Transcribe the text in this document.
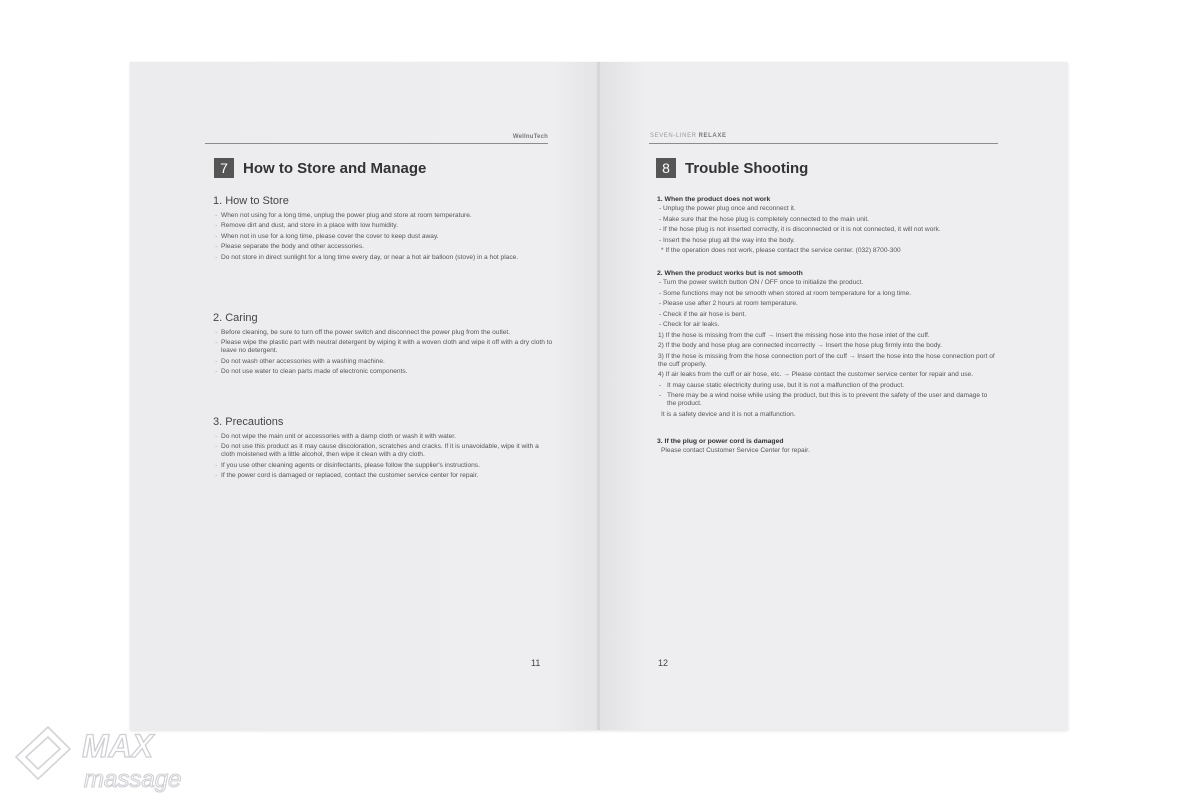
WellnuTech
7	How to Store and Manage
1. How to Store
· When not using for a long time, unplug the power plug and store at room temperature.
· Remove dirt and dust, and store in a place with low humidity.
· When not in use for a long time, please cover the cover to keep dust away.
· Please separate the body and other accessories.
· Do not store in direct sunlight for a long time every day, or near a hot air balloon (stove) in a hot place.
2. Caring
· Before cleaning, be sure to turn off the power switch and disconnect the power plug from the outlet.
· Please wipe the plastic part with neutral detergent by wiping it with a woven cloth and wipe it off with a dry cloth to leave no detergent.
· Do not wash other accessories with a washing machine.
· Do not use water to clean parts made of electronic components.
3. Precautions
· Do not wipe the main unit or accessories with a damp cloth or wash it with water.
· Do not use this product as it may cause discoloration, scratches and cracks. If it is unavoidable, wipe it with a cloth moistened with a little alcohol, then wipe it clean with a dry cloth.
· If you use other cleaning agents or disinfectants, please follow the supplier's instructions.
· If the power cord is damaged or replaced, contact the customer service center for repair.
11
SEVEN-LINER RELAXE
8	Trouble Shooting
1. When the product does not work
- Unplug the power plug once and reconnect it.
- Make sure that the hose plug is completely connected to the main unit.
- If the hose plug is not inserted correctly, it is disconnected or it is not connected, it will not work.
- Insert the hose plug all the way into the body.
* If the operation does not work, please contact the service center. (032) 8700-300
2. When the product works but is not smooth
- Turn the power switch button ON / OFF once to initialize the product.
- Some functions may not be smooth when stored at room temperature for a long time.
- Please use after 2 hours at room temperature.
- Check if the air hose is bent.
- Check for air leaks.
1) If the hose is missing from the cuff → Insert the missing hose into the hose inlet of the cuff.
2) If the body and hose plug are connected incorrectly → Insert the hose plug firmly into the body.
3) If the hose is missing from the hose connection port of the cuff → Insert the hose into the hose connection port of the cuff properly.
4) If air leaks from the cuff or air hose, etc. → Please contact the customer service center for repair and use.
- It may cause static electricity during use, but it is not a malfunction of the product.
- There may be a wind noise while using the product, but this is to prevent the safety of the user and damage to the product.
It is a safety device and it is not a malfunction.
3. If the plug or power cord is damaged
Please contact Customer Service Center for repair.
12
MAX
massage
